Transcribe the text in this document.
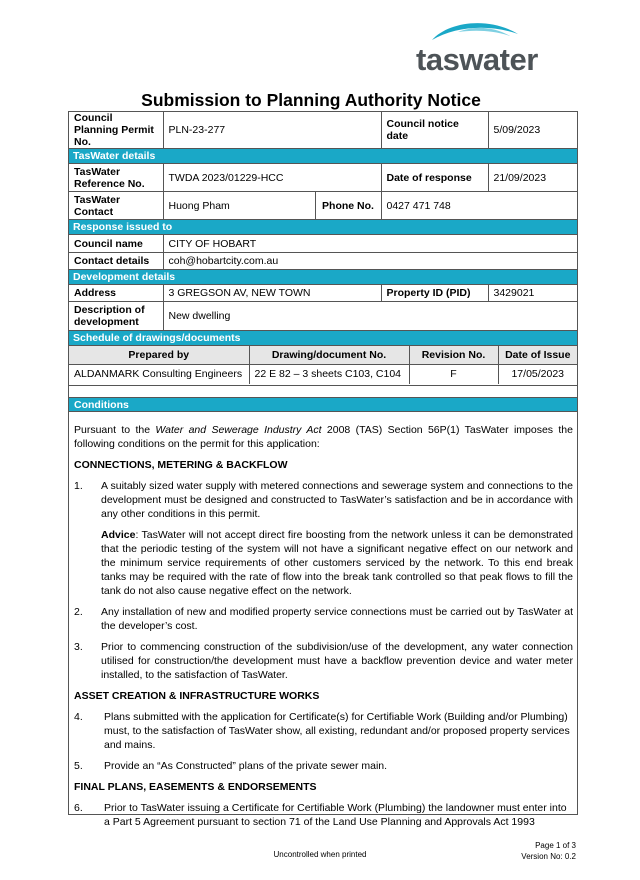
taswater
Submission to Planning Authority Notice
Council Planning Permit No.	PLN-23-277	Council notice date	5/09/2023
TasWater details
TasWater Reference No.	TWDA 2023/01229-HCC	Date of response	21/09/2023
TasWater Contact	Huong Pham	Phone No.	0427 471 748
Response issued to
Council name	CITY OF HOBART
Contact details	coh@hobartcity.com.au
Development details
Address	3 GREGSON AV, NEW TOWN	Property ID (PID)	3429021
Description of development	New dwelling
Schedule of drawings/documents

Prepared by	Drawing/document No.	Revision No.	Date of Issue
ALDANMARK Consulting Engineers	22 E 82 – 3 sheets C103, C104	F	17/05/2023
Conditions

Pursuant to the Water and Sewerage Industry Act 2008 (TAS) Section 56P(1) TasWater imposes the following conditions on the permit for this application:

CONNECTIONS, METERING & BACKFLOW

1.	A suitably sized water supply with metered connections and sewerage system and connections to the development must be designed and constructed to TasWater’s satisfaction and be in accordance with any other conditions in this permit.
Advice: TasWater will not accept direct fire boosting from the network unless it can be demonstrated that the periodic testing of the system will not have a significant negative effect on our network and the minimum service requirements of other customers serviced by the network. To this end break tanks may be required with the rate of flow into the break tank controlled so that peak flows to fill the tank do not also cause negative effect on the network.
2.	Any installation of new and modified property service connections must be carried out by TasWater at the developer’s cost.
3.	Prior to commencing construction of the subdivision/use of the development, any water connection utilised for construction/the development must have a backflow prevention device and water meter installed, to the satisfaction of TasWater.

ASSET CREATION & INFRASTRUCTURE WORKS

4.	Plans submitted with the application for Certificate(s) for Certifiable Work (Building and/or Plumbing) must, to the satisfaction of TasWater show, all existing, redundant and/or proposed property services and mains.
5.	Provide an “As Constructed” plans of the private sewer main.

FINAL PLANS, EASEMENTS & ENDORSEMENTS

6.	Prior to TasWater issuing a Certificate for Certifiable Work (Plumbing) the landowner must enter into a Part 5 Agreement pursuant to section 71 of the Land Use Planning and Approvals Act 1993
Page 1 of 3
Version No: 0.2
Uncontrolled when printed
